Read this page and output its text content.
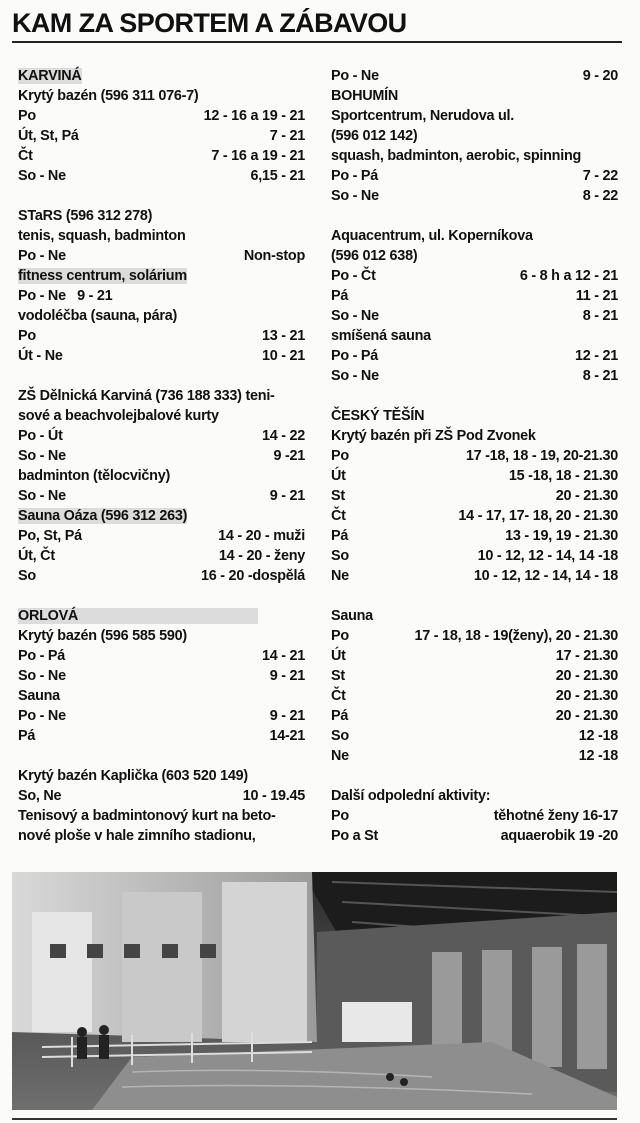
KAM ZA SPORTEM A ZÁBAVOU
KARVINÁ
Krytý bazén (596 311 076-7)
Po	12 - 16 a 19 - 21
Út, St, Pá	7 - 21
Čt	7 - 16 a 19 - 21
So - Ne	6,15 - 21
STaRS (596 312 278)
tenis, squash, badminton
Po - Ne	Non-stop
fitness centrum, solárium
Po - Ne   9 - 21
vodoléčba (sauna, pára)
Po	13 - 21
Út - Ne	10 - 21
ZŠ Dělnická Karviná (736 188 333) teni-
sové a beachvolejbalové kurty
Po - Út	14 - 22
So - Ne	9 -21
badminton (tělocvičny)
So - Ne	9 - 21
Sauna Oáza (596 312 263)
Po, St, Pá	14 - 20 - muži
Út, Čt	14 - 20 - ženy
So	16 - 20 -dospělá
ORLOVÁ
Krytý bazén (596 585 590)
Po - Pá	14 - 21
So - Ne	9 - 21
Sauna
Po - Ne	9 - 21
Pá	14-21
Krytý bazén Kaplička (603 520 149)
So, Ne	10 - 19.45
Tenisový a badmintonový kurt na beto-
nové ploše v hale zimního stadionu,
Po - Ne	9 - 20
BOHUMÍN
Sportcentrum, Nerudova ul.
(596 012 142)
squash, badminton, aerobic, spinning
Po - Pá	7 - 22
So - Ne	8 - 22
Aquacentrum, ul. Koperníkova
(596 012 638)
Po - Čt	6 - 8 h a 12 - 21
Pá	11 - 21
So - Ne	8 - 21
smíšená sauna
Po - Pá	12 - 21
So - Ne	8 - 21
ČESKÝ TĚŠÍN
Krytý bazén při ZŠ Pod Zvonek
Po	17 -18, 18 - 19, 20-21.30
Út	15 -18, 18 - 21.30
St	20 - 21.30
Čt	14 - 17, 17- 18, 20 - 21.30
Pá	13 - 19, 19 - 21.30
So	10 - 12, 12 - 14, 14 -18
Ne	10 - 12, 12 - 14, 14 - 18
Sauna
Po	17 - 18, 18 - 19(ženy), 20 - 21.30
Út	17 - 21.30
St	20 - 21.30
Čt	20 - 21.30
Pá	20 - 21.30
So	12 -18
Ne	12 -18
Další odpolední aktivity:
Po	těhotné ženy 16-17
Po a St	aquaerobik 19 -20
